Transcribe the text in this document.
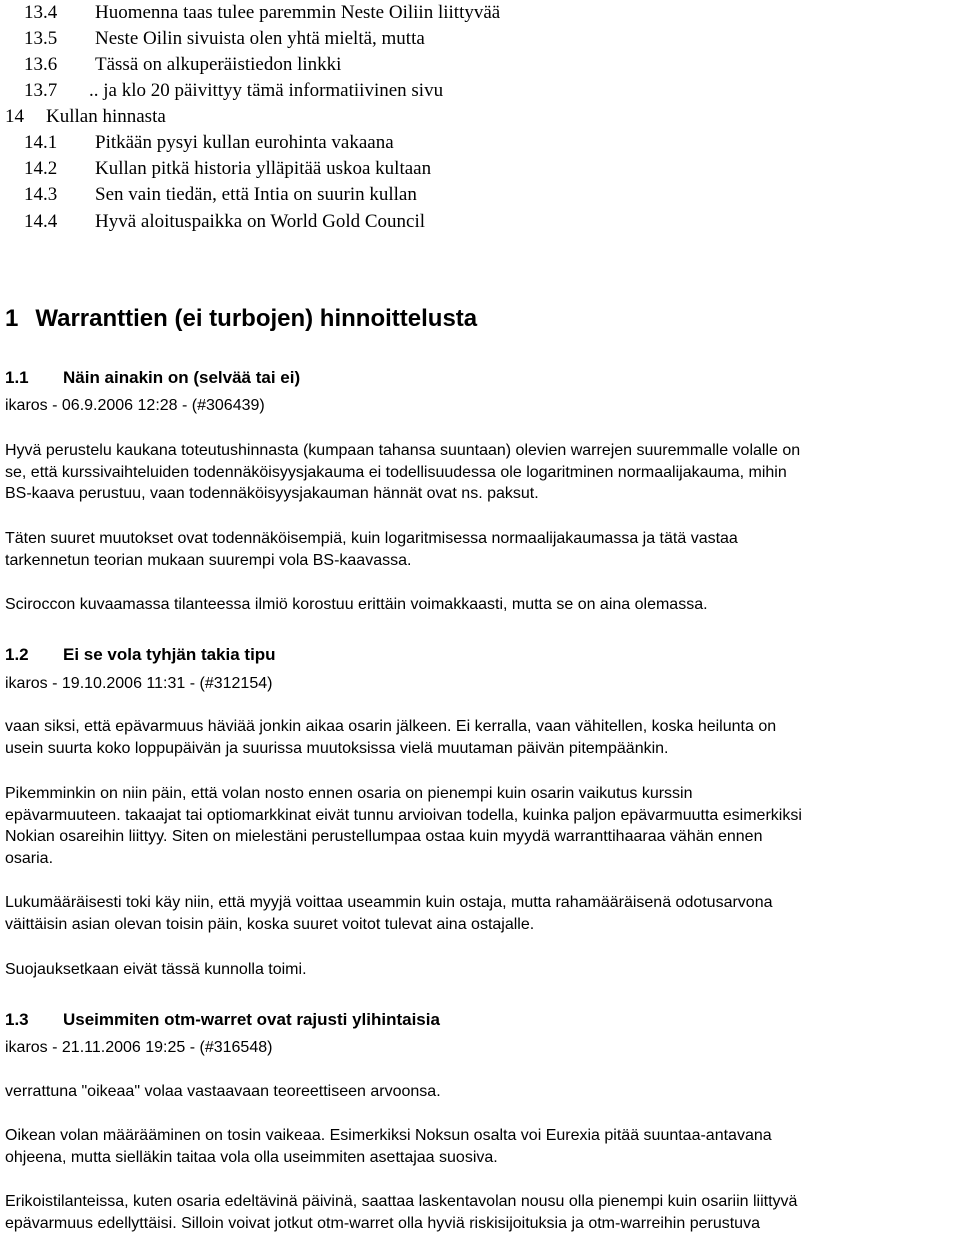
13.4 Huomenna taas tulee paremmin Neste Oiliin liittyvää
13.5 Neste Oilin sivuista olen yhtä mieltä, mutta
13.6 Tässä on alkuperäistiedon linkki
13.7 .. ja klo 20 päivittyy tämä informatiivinen sivu
14 Kullan hinnasta
14.1 Pitkään pysyi kullan eurohinta vakaana
14.2 Kullan pitkä historia ylläpitää uskoa kultaan
14.3 Sen vain tiedän, että Intia on suurin kullan
14.4 Hyvä aloituspaikka on World Gold Council
1 Warranttien (ei turbojen) hinnoittelusta
1.1 Näin ainakin on (selvää tai ei)
ikaros - 06.9.2006 12:28 - (#306439)
Hyvä perustelu kaukana toteutushinnasta (kumpaan tahansa suuntaan) olevien warrejen suuremmalle volalle on
se, että kurssivaihteluiden todennäköisyysjakauma ei todellisuudessa ole logaritminen normaalijakauma, mihin
BS-kaava perustuu, vaan todennäköisyysjakauman hännät ovat ns. paksut.
Täten suuret muutokset ovat todennäköisempiä, kuin logaritmisessa normaalijakaumassa ja tätä vastaa
tarkennetun teorian mukaan suurempi vola BS-kaavassa.
Sciroccon kuvaamassa tilanteessa ilmiö korostuu erittäin voimakkaasti, mutta se on aina olemassa.
1.2 Ei se vola tyhjän takia tipu
ikaros - 19.10.2006 11:31 - (#312154)
vaan siksi, että epävarmuus häviää jonkin aikaa osarin jälkeen. Ei kerralla, vaan vähitellen, koska heilunta on
usein suurta koko loppupäivän ja suurissa muutoksissa vielä muutaman päivän pitempäänkin.
Pikemminkin on niin päin, että volan nosto ennen osaria on pienempi kuin osarin vaikutus kurssin
epävarmuuteen. takaajat tai optiomarkkinat eivät tunnu arvioivan todella, kuinka paljon epävarmuutta esimerkiksi
Nokian osareihin liittyy. Siten on mielestäni perustellumpaa ostaa kuin myydä warranttihaaraa vähän ennen
osaria.
Lukumääräisesti toki käy niin, että myyjä voittaa useammin kuin ostaja, mutta rahamääräisenä odotusarvona
väittäisin asian olevan toisin päin, koska suuret voitot tulevat aina ostajalle.
Suojauksetkaan eivät tässä kunnolla toimi.
1.3 Useimmiten otm-warret ovat rajusti ylihintaisia
ikaros - 21.11.2006 19:25 - (#316548)
verrattuna "oikeaa" volaa vastaavaan teoreettiseen arvoonsa.
Oikean volan määrääminen on tosin vaikeaa. Esimerkiksi Noksun osalta voi Eurexia pitää suuntaa-antavana
ohjeena, mutta sielläkin taitaa vola olla useimmiten asettajaa suosiva.
Erikoistilanteissa, kuten osaria edeltävinä päivinä, saattaa laskentavolan nousu olla pienempi kuin osariin liittyvä
epävarmuus edellyttäisi. Silloin voivat jotkut otm-warret olla hyviä riskisijoituksia ja otm-warreihin perustuva
